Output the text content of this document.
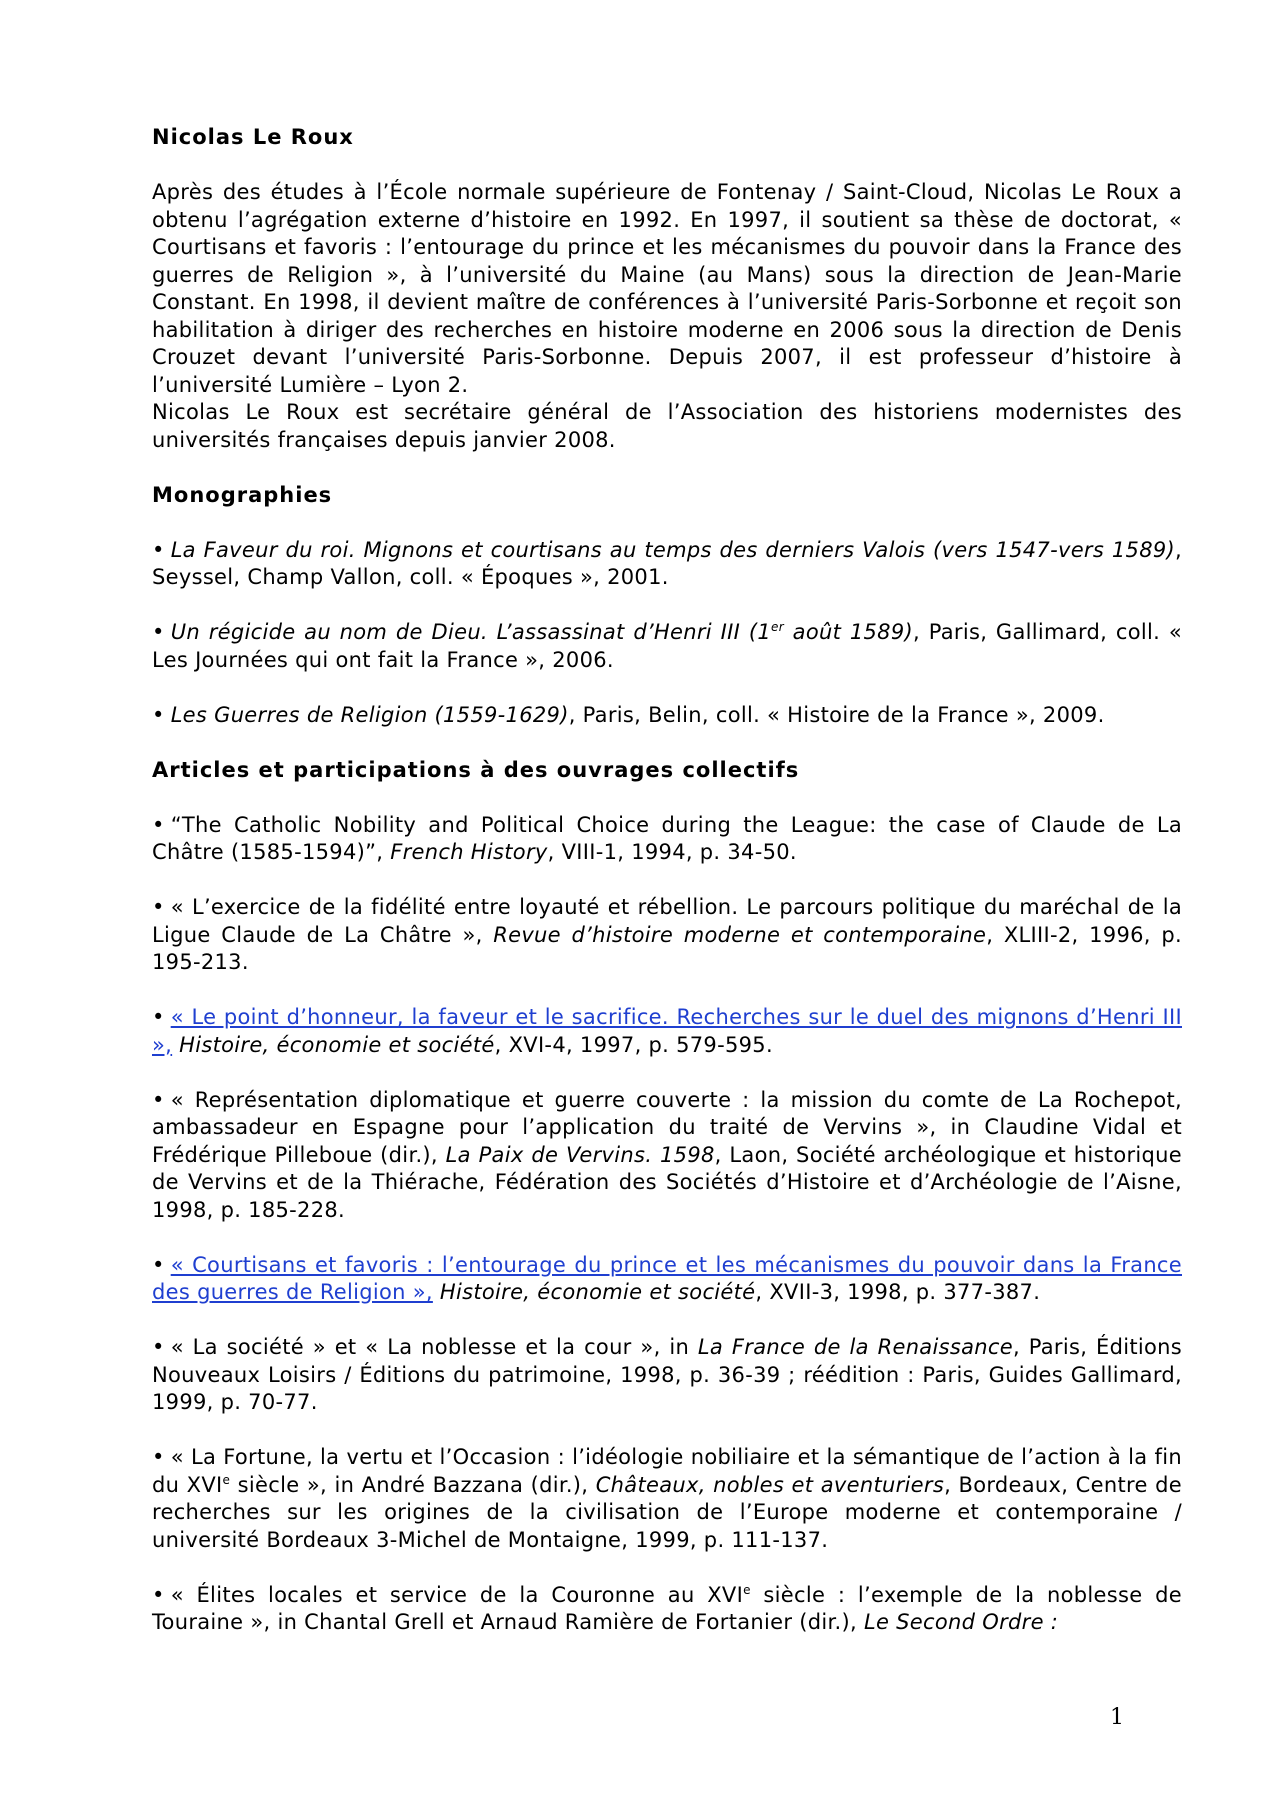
Nicolas Le Roux
Après des études à l’École normale supérieure de Fontenay / Saint-Cloud, Nicolas Le Roux a obtenu l’agrégation externe d’histoire en 1992. En 1997, il soutient sa thèse de doctorat, « Courtisans et favoris : l’entourage du prince et les mécanismes du pouvoir dans la France des guerres de Religion », à l’université du Maine (au Mans) sous la direction de Jean-Marie Constant. En 1998, il devient maître de conférences à l’université Paris-Sorbonne et reçoit son habilitation à diriger des recherches en histoire moderne en 2006 sous la direction de Denis Crouzet devant l’université Paris-Sorbonne. Depuis 2007, il est professeur d’histoire à l’université Lumière – Lyon 2.
Nicolas Le Roux est secrétaire général de l’Association des historiens modernistes des universités françaises depuis janvier 2008.
Monographies
• La Faveur du roi. Mignons et courtisans au temps des derniers Valois (vers 1547-vers 1589), Seyssel, Champ Vallon, coll. « Époques », 2001.
• Un régicide au nom de Dieu. L’assassinat d’Henri III (1er août 1589), Paris, Gallimard, coll. « Les Journées qui ont fait la France », 2006.
• Les Guerres de Religion (1559-1629), Paris, Belin, coll. « Histoire de la France », 2009.
Articles et participations à des ouvrages collectifs
• “The Catholic Nobility and Political Choice during the League: the case of Claude de La Châtre (1585-1594)”, French History, VIII-1, 1994, p. 34-50.
• « L’exercice de la fidélité entre loyauté et rébellion. Le parcours politique du maréchal de la Ligue Claude de La Châtre », Revue d’histoire moderne et contemporaine, XLIII-2, 1996, p. 195-213.
• « Le point d’honneur, la faveur et le sacrifice. Recherches sur le duel des mignons d’Henri III », Histoire, économie et société, XVI-4, 1997, p. 579-595.
• « Représentation diplomatique et guerre couverte : la mission du comte de La Rochepot, ambassadeur en Espagne pour l’application du traité de Vervins », in Claudine Vidal et Frédérique Pilleboue (dir.), La Paix de Vervins. 1598, Laon, Société archéologique et historique de Vervins et de la Thiérache, Fédération des Sociétés d’Histoire et d’Archéologie de l’Aisne, 1998, p. 185-228.
• « Courtisans et favoris : l’entourage du prince et les mécanismes du pouvoir dans la France des guerres de Religion », Histoire, économie et société, XVII-3, 1998, p. 377-387.
• « La société » et « La noblesse et la cour », in La France de la Renaissance, Paris, Éditions Nouveaux Loisirs / Éditions du patrimoine, 1998, p. 36-39 ; réédition : Paris, Guides Gallimard, 1999, p. 70-77.
• « La Fortune, la vertu et l’Occasion : l’idéologie nobiliaire et la sémantique de l’action à la fin du XVIe siècle », in André Bazzana (dir.), Châteaux, nobles et aventuriers, Bordeaux, Centre de recherches sur les origines de la civilisation de l’Europe moderne et contemporaine / université Bordeaux 3-Michel de Montaigne, 1999, p. 111-137.
• « Élites locales et service de la Couronne au XVIe siècle : l’exemple de la noblesse de Touraine », in Chantal Grell et Arnaud Ramière de Fortanier (dir.), Le Second Ordre :
1
